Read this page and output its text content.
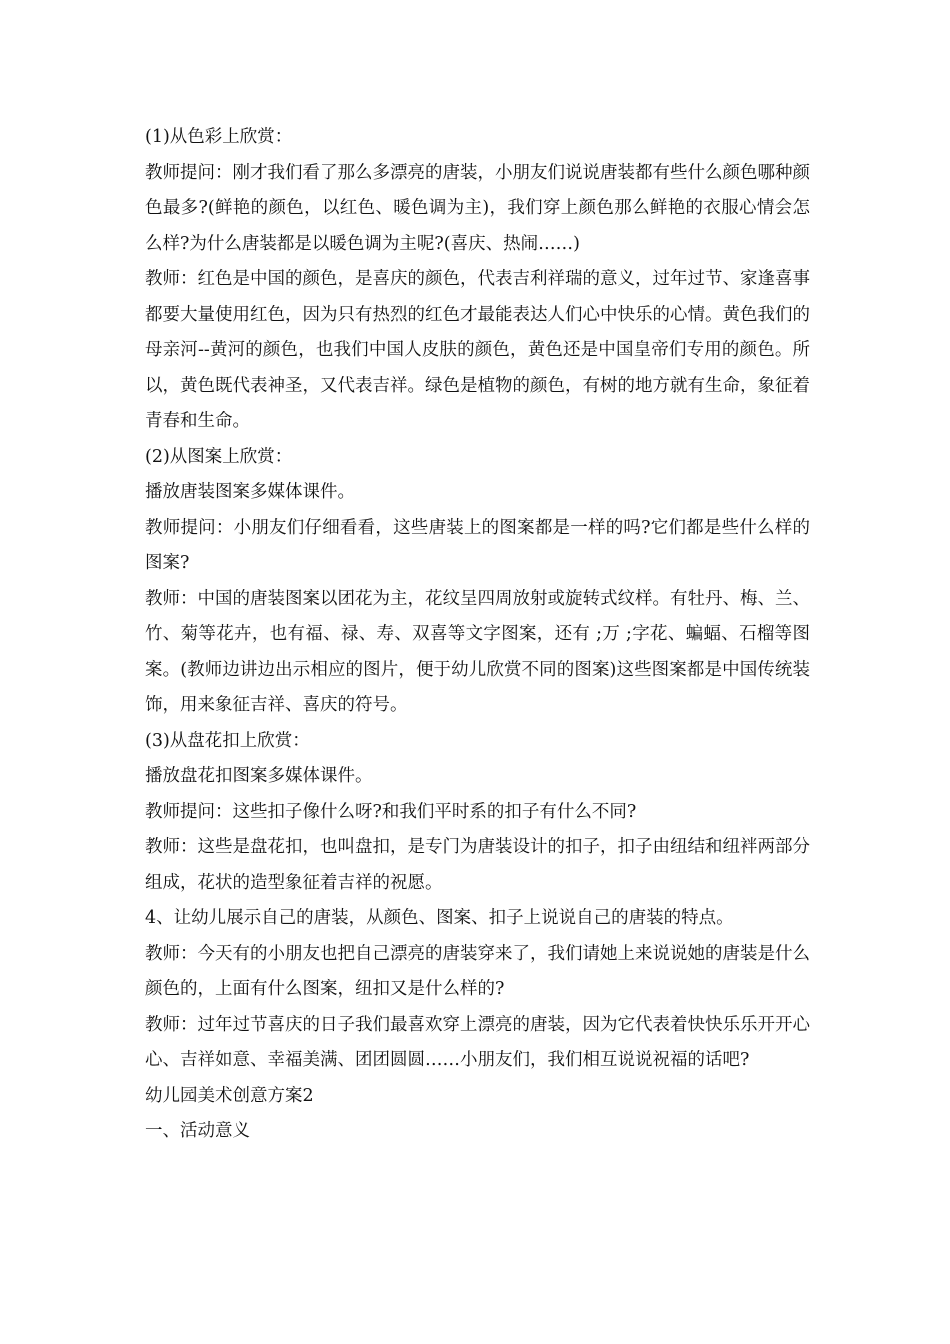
(1)从色彩上欣赏：

教师提问：刚才我们看了那么多漂亮的唐装，小朋友们说说唐装都有些什么颜色哪种颜色最多?(鲜艳的颜色，以红色、暖色调为主)，我们穿上颜色那么鲜艳的衣服心情会怎么样?为什么唐装都是以暖色调为主呢?(喜庆、热闹……)

教师：红色是中国的颜色，是喜庆的颜色，代表吉利祥瑞的意义，过年过节、家逢喜事都要大量使用红色，因为只有热烈的红色才最能表达人们心中快乐的心情。黄色我们的母亲河--黄河的颜色，也我们中国人皮肤的颜色，黄色还是中国皇帝们专用的颜色。所以，黄色既代表神圣，又代表吉祥。绿色是植物的颜色，有树的地方就有生命，象征着青春和生命。

(2)从图案上欣赏：

播放唐装图案多媒体课件。

教师提问：小朋友们仔细看看，这些唐装上的图案都是一样的吗?它们都是些什么样的图案?

教师：中国的唐装图案以团花为主，花纹呈四周放射或旋转式纹样。有牡丹、梅、兰、竹、菊等花卉，也有福、禄、寿、双喜等文字图案，还有 ;万 ;字花、蝙蝠、石榴等图案。(教师边讲边出示相应的图片，便于幼儿欣赏不同的图案)这些图案都是中国传统装饰，用来象征吉祥、喜庆的符号。

(3)从盘花扣上欣赏：

播放盘花扣图案多媒体课件。

教师提问：这些扣子像什么呀?和我们平时系的扣子有什么不同?

教师：这些是盘花扣，也叫盘扣，是专门为唐装设计的扣子，扣子由纽结和纽袢两部分组成，花状的造型象征着吉祥的祝愿。

4、让幼儿展示自己的唐装，从颜色、图案、扣子上说说自己的唐装的特点。

教师：今天有的小朋友也把自己漂亮的唐装穿来了，我们请她上来说说她的唐装是什么颜色的，上面有什么图案，纽扣又是什么样的?

教师：过年过节喜庆的日子我们最喜欢穿上漂亮的唐装，因为它代表着快快乐乐开开心心、吉祥如意、幸福美满、团团圆圆……小朋友们，我们相互说说祝福的话吧?

幼儿园美术创意方案2

一、活动意义
